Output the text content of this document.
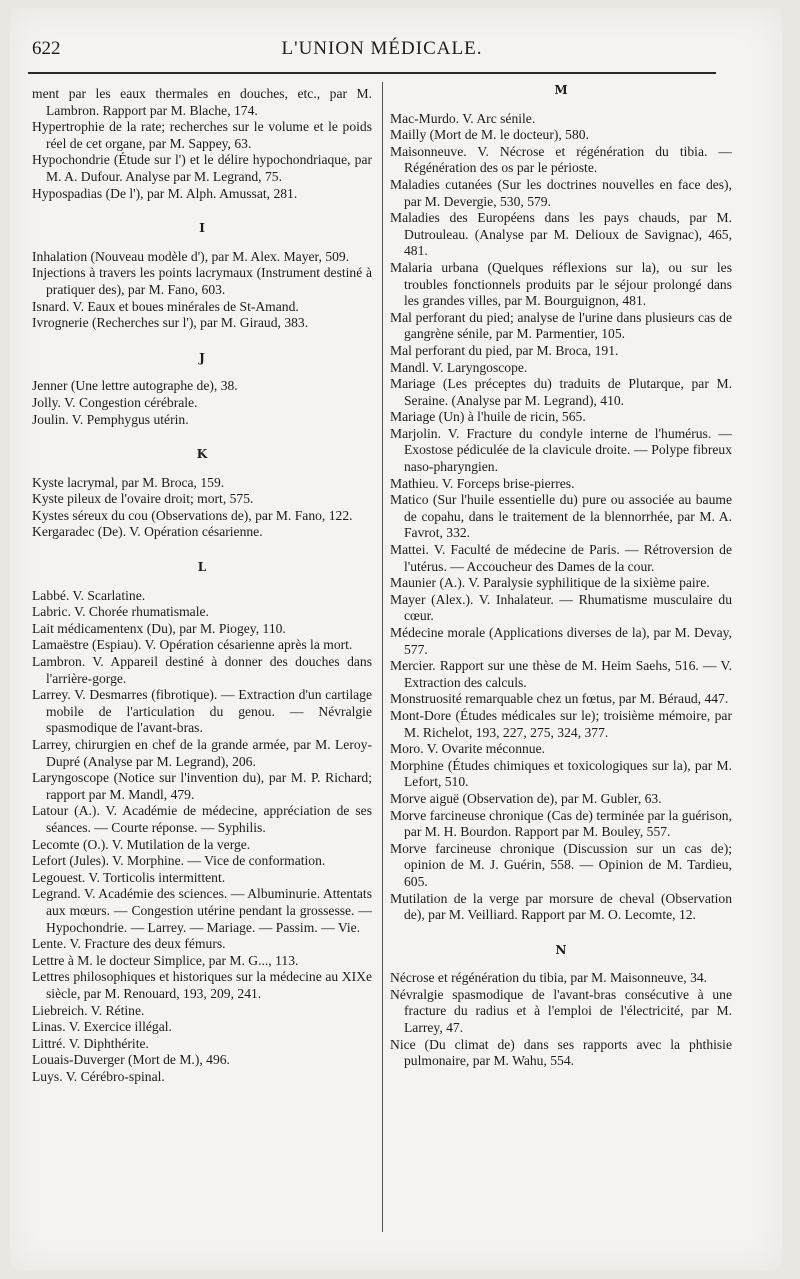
622	L'UNION MÉDICALE.
ment par les eaux thermales en douches, etc., par M. Lambron. Rapport par M. Blache, 174.
Hypertrophie de la rate; recherches sur le volume et le poids réel de cet organe, par M. Sappey, 63.
Hypochondrie (Étude sur l') et le délire hypochondriaque, par M. A. Dufour. Analyse par M. Legrand, 75.
Hypospadias (De l'), par M. Alph. Amussat, 281.
I
Inhalation (Nouveau modèle d'), par M. Alex. Mayer, 509.
Injections à travers les points lacrymaux (Instrument destiné à pratiquer des), par M. Fano, 603.
Isnard. V. Eaux et boues minérales de St-Amand.
Ivrognerie (Recherches sur l'), par M. Giraud, 383.
J
Jenner (Une lettre autographe de), 38.
Jolly. V. Congestion cérébrale.
Joulin. V. Pemphygus utérin.
K
Kyste lacrymal, par M. Broca, 159.
Kyste pileux de l'ovaire droit; mort, 575.
Kystes séreux du cou (Observations de), par M. Fano, 122.
Kergaradec (De). V. Opération césarienne.
L
Labbé. V. Scarlatine.
Labric. V. Chorée rhumatismale.
Lait médicamentenx (Du), par M. Piogey, 110.
Lamaëstre (Espiau). V. Opération césarienne après la mort.
Lambron. V. Appareil destiné à donner des douches dans l'arrière-gorge.
Larrey. V. Desmarres (fibrotique). — Extraction d'un cartilage mobile de l'articulation du genou. — Névralgie spasmodique de l'avant-bras.
Larrey, chirurgien en chef de la grande armée, par M. Leroy-Dupré (Analyse par M. Legrand), 206.
Laryngoscope (Notice sur l'invention du), par M. P. Richard; rapport par M. Mandl, 479.
Latour (A.). V. Académie de médecine, appréciation de ses séances. — Courte réponse. — Syphilis.
Lecomte (O.). V. Mutilation de la verge.
Lefort (Jules). V. Morphine. — Vice de conformation.
Legouest. V. Torticolis intermittent.
Legrand. V. Académie des sciences. — Albuminurie. Attentats aux mœurs. — Congestion utérine pendant la grossesse. — Hypochondrie. — Larrey. — Mariage. — Passim. — Vie.
Lente. V. Fracture des deux fémurs.
Lettre à M. le docteur Simplice, par M. G..., 113.
Lettres philosophiques et historiques sur la médecine au XIXe siècle, par M. Renouard, 193, 209, 241.
Liebreich. V. Rétine.
Linas. V. Exercice illégal.
Littré. V. Diphthérite.
Louais-Duverger (Mort de M.), 496.
Luys. V. Cérébro-spinal.
M
Mac-Murdo. V. Arc sénile.
Mailly (Mort de M. le docteur), 580.
Maisonneuve. V. Nécrose et régénération du tibia. — Régénération des os par le périoste.
Maladies cutanées (Sur les doctrines nouvelles en face des), par M. Devergie, 530, 579.
Maladies des Européens dans les pays chauds, par M. Dutrouleau. (Analyse par M. Delioux de Savignac), 465, 481.
Malaria urbana (Quelques réflexions sur la), ou sur les troubles fonctionnels produits par le séjour prolongé dans les grandes villes, par M. Bourguignon, 481.
Mal perforant du pied; analyse de l'urine dans plusieurs cas de gangrène sénile, par M. Parmentier, 105.
Mal perforant du pied, par M. Broca, 191.
Mandl. V. Laryngoscope.
Mariage (Les préceptes du) traduits de Plutarque, par M. Seraine. (Analyse par M. Legrand), 410.
Mariage (Un) à l'huile de ricin, 565.
Marjolin. V. Fracture du condyle interne de l'humérus. — Exostose pédiculée de la clavicule droite. — Polype fibreux naso-pharyngien.
Mathieu. V. Forceps brise-pierres.
Matico (Sur l'huile essentielle du) pure ou associée au baume de copahu, dans le traitement de la blennorrhée, par M. A. Favrot, 332.
Mattei. V. Faculté de médecine de Paris. — Rétroversion de l'utérus. — Accoucheur des Dames de la cour.
Maunier (A.). V. Paralysie syphilitique de la sixième paire.
Mayer (Alex.). V. Inhalateur. — Rhumatisme musculaire du cœur.
Médecine morale (Applications diverses de la), par M. Devay, 577.
Mercier. Rapport sur une thèse de M. Heim Saehs, 516. — V. Extraction des calculs.
Monstruosité remarquable chez un fœtus, par M. Béraud, 447.
Mont-Dore (Études médicales sur le); troisième mémoire, par M. Richelot, 193, 227, 275, 324, 377.
Moro. V. Ovarite méconnue.
Morphine (Études chimiques et toxicologiques sur la), par M. Lefort, 510.
Morve aiguë (Observation de), par M. Gubler, 63.
Morve farcineuse chronique (Cas de) terminée par la guérison, par M. H. Bourdon. Rapport par M. Bouley, 557.
Morve farcineuse chronique (Discussion sur un cas de); opinion de M. J. Guérin, 558. — Opinion de M. Tardieu, 605.
Mutilation de la verge par morsure de cheval (Observation de), par M. Veilliard. Rapport par M. O. Lecomte, 12.
N
Nécrose et régénération du tibia, par M. Maisonneuve, 34.
Névralgie spasmodique de l'avant-bras consécutive à une fracture du radius et à l'emploi de l'électricité, par M. Larrey, 47.
Nice (Du climat de) dans ses rapports avec la phthisie pulmonaire, par M. Wahu, 554.
